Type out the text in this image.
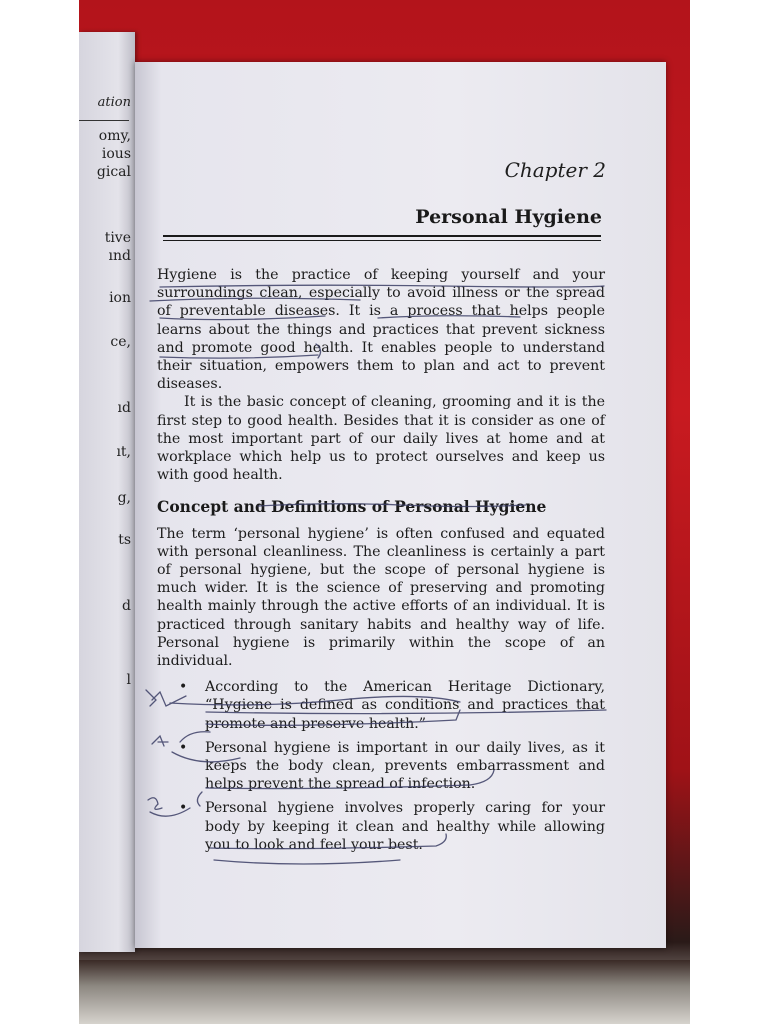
ation
omy,
ious
gical
tive
ınd
ion
ce,
ıd
ıt,
g,
ts
d
l
Chapter 2
Personal Hygiene

Hygiene is the practice of keeping yourself and your surroundings clean, especially to avoid illness or the spread of preventable diseases. It is a process that helps people learns about the things and practices that prevent sickness and promote good health. It enables people to understand their situation, empowers them to plan and act to prevent diseases.

It is the basic concept of cleaning, grooming and it is the first step to good health. Besides that it is consider as one of the most important part of our daily lives at home and at workplace which help us to protect ourselves and keep us with good health.

Concept and Definitions of Personal Hygiene

The term ‘personal hygiene’ is often confused and equated with personal cleanliness. The cleanliness is certainly a part of personal hygiene, but the scope of personal hygiene is much wider. It is the science of preserving and promoting health mainly through the active efforts of an individual. It is practiced through sanitary habits and healthy way of life. Personal hygiene is primarily within the scope of an individual.

• According to the American Heritage Dictionary, “Hygiene is defined as conditions and practices that promote and preserve health.”
• Personal hygiene is important in our daily lives, as it keeps the body clean, prevents embarrassment and helps prevent the spread of infection.
• Personal hygiene involves properly caring for your body by keeping it clean and healthy while allowing you to look and feel your best.
